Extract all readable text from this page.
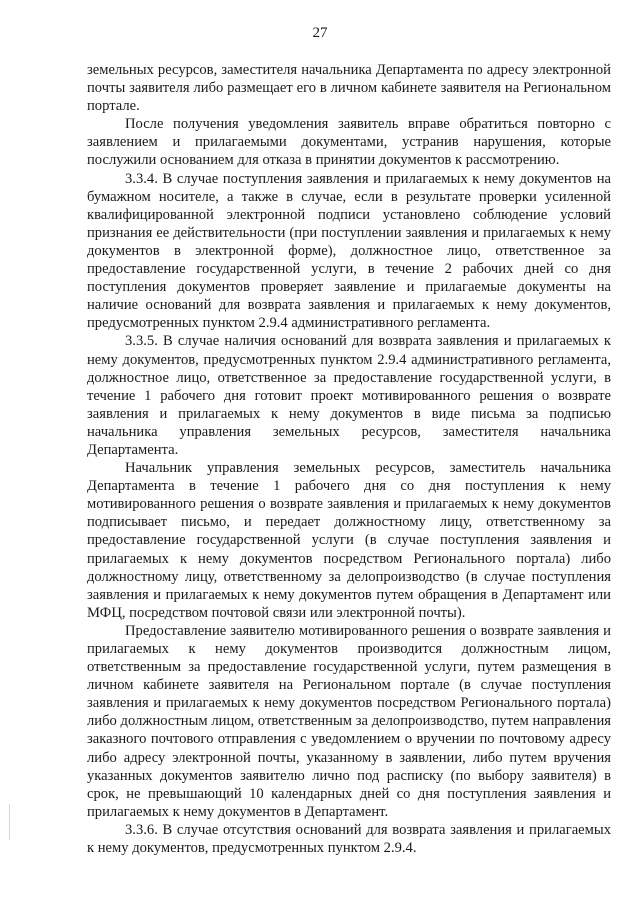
27

земельных ресурсов, заместителя начальника Департамента по адресу электронной почты заявителя либо размещает его в личном кабинете заявителя на Региональном портале.

После получения уведомления заявитель вправе обратиться повторно с заявлением и прилагаемыми документами, устранив нарушения, которые послужили основанием для отказа в принятии документов к рассмотрению.

3.3.4. В случае поступления заявления и прилагаемых к нему документов на бумажном носителе, а также в случае, если в результате проверки усиленной квалифицированной электронной подписи установлено соблюдение условий признания ее действительности (при поступлении заявления и прилагаемых к нему документов в электронной форме), должностное лицо, ответственное за предоставление государственной услуги, в течение 2 рабочих дней со дня поступления документов проверяет заявление и прилагаемые документы на наличие оснований для возврата заявления и прилагаемых к нему документов, предусмотренных пунктом 2.9.4 административного регламента.

3.3.5. В случае наличия оснований для возврата заявления и прилагаемых к нему документов, предусмотренных пунктом 2.9.4 административного регламента, должностное лицо, ответственное за предоставление государственной услуги, в течение 1 рабочего дня готовит проект мотивированного решения о возврате заявления и прилагаемых к нему документов в виде письма за подписью начальника управления земельных ресурсов, заместителя начальника Департамента.

Начальник управления земельных ресурсов, заместитель начальника Департамента в течение 1 рабочего дня со дня поступления к нему мотивированного решения о возврате заявления и прилагаемых к нему документов подписывает письмо, и передает должностному лицу, ответственному за предоставление государственной услуги (в случае поступления заявления и прилагаемых к нему документов посредством Регионального портала) либо должностному лицу, ответственному за делопроизводство (в случае поступления заявления и прилагаемых к нему документов путем обращения в Департамент или МФЦ, посредством почтовой связи или электронной почты).

Предоставление заявителю мотивированного решения о возврате заявления и прилагаемых к нему документов производится должностным лицом, ответственным за предоставление государственной услуги, путем размещения в личном кабинете заявителя на Региональном портале (в случае поступления заявления и прилагаемых к нему документов посредством Регионального портала) либо должностным лицом, ответственным за делопроизводство, путем направления заказного почтового отправления с уведомлением о вручении по почтовому адресу либо адресу электронной почты, указанному в заявлении, либо путем вручения указанных документов заявителю лично под расписку (по выбору заявителя) в срок, не превышающий 10 календарных дней со дня поступления заявления и прилагаемых к нему документов в Департамент.

3.3.6. В случае отсутствия оснований для возврата заявления и прилагаемых к нему документов, предусмотренных пунктом 2.9.4.
